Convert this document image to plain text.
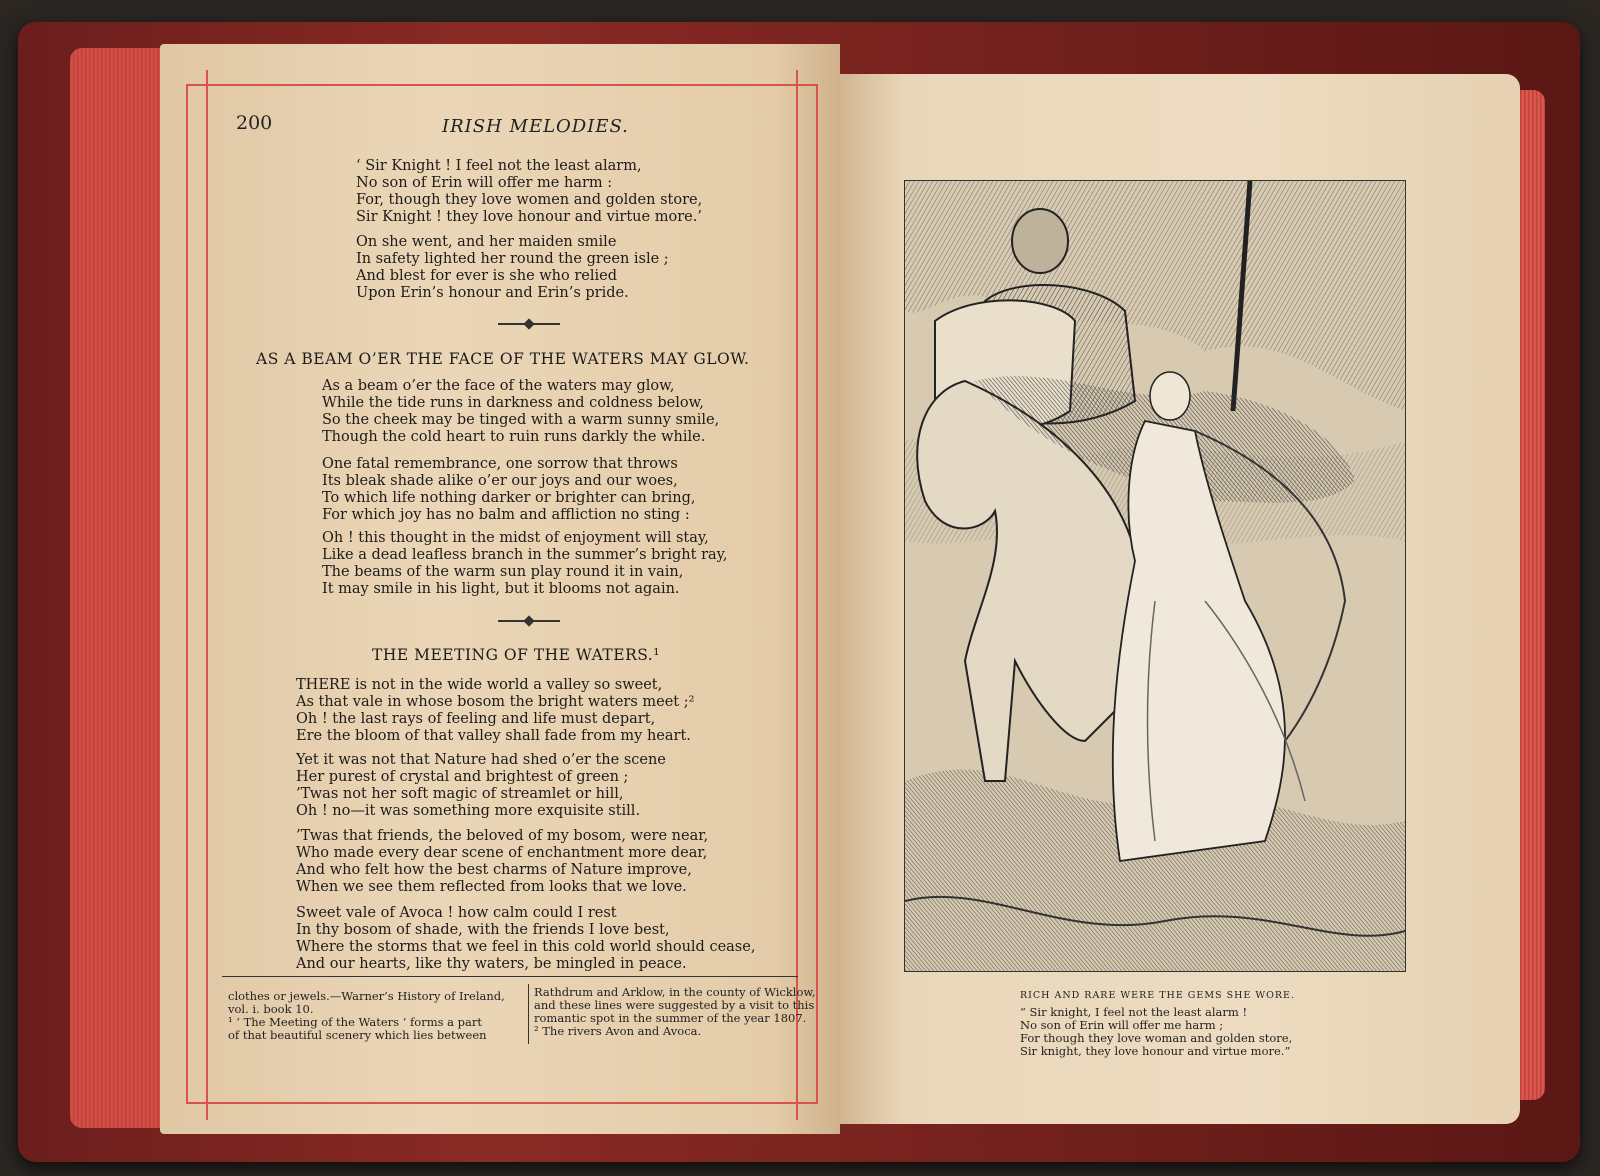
200	IRISH MELODIES.
‘ Sir Knight ! I feel not the least alarm,
No son of Erin will offer me harm :
For, though they love women and golden store,
Sir Knight ! they love honour and virtue more.’
On she went, and her maiden smile
In safety lighted her round the green isle ;
And blest for ever is she who relied
Upon Erin’s honour and Erin’s pride.
AS A BEAM O’ER THE FACE OF THE WATERS MAY GLOW.
As a beam o’er the face of the waters may glow,
While the tide runs in darkness and coldness below,
So the cheek may be tinged with a warm sunny smile,
Though the cold heart to ruin runs darkly the while.
One fatal remembrance, one sorrow that throws
Its bleak shade alike o’er our joys and our woes,
To which life nothing darker or brighter can bring,
For which joy has no balm and affliction no sting :
Oh ! this thought in the midst of enjoyment will stay,
Like a dead leafless branch in the summer’s bright ray,
The beams of the warm sun play round it in vain,
It may smile in his light, but it blooms not again.
THE MEETING OF THE WATERS.¹
THERE is not in the wide world a valley so sweet,
As that vale in whose bosom the bright waters meet ;²
Oh ! the last rays of feeling and life must depart,
Ere the bloom of that valley shall fade from my heart.
Yet it was not that Nature had shed o’er the scene
Her purest of crystal and brightest of green ;
’Twas not her soft magic of streamlet or hill,
Oh ! no—it was something more exquisite still.
’Twas that friends, the beloved of my bosom, were near,
Who made every dear scene of enchantment more dear,
And who felt how the best charms of Nature improve,
When we see them reflected from looks that we love.
Sweet vale of Avoca ! how calm could I rest
In thy bosom of shade, with the friends I love best,
Where the storms that we feel in this cold world should cease,
And our hearts, like thy waters, be mingled in peace.
clothes or jewels.—Warner’s History of Ireland,
vol. i. book 10.
¹ ‘ The Meeting of the Waters ’ forms a part
of that beautiful scenery which lies between
Rathdrum and Arklow, in the county of Wicklow,
and these lines were suggested by a visit to this
romantic spot in the summer of the year 1807.
² The rivers Avon and Avoca.
RICH AND RARE WERE THE GEMS SHE WORE.
“ Sir knight, I feel not the least alarm !
No son of Erin will offer me harm ;
For though they love woman and golden store,
Sir knight, they love honour and virtue more.”
